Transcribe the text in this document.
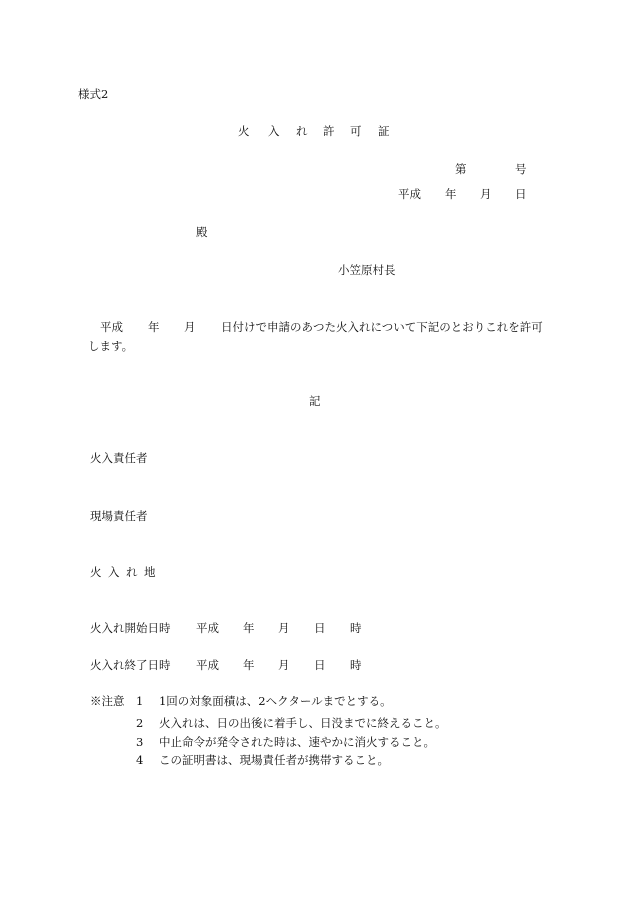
様式2
火 入 れ 許 可 証
第	号
平成 年 月 日
殿
小笠原村長
平成 年 月 日付けで申請のあつた火入れについて下記のとおりこれを許可
します。
記
火入責任者
現場責任者
火 入 れ 地
火入れ開始日時 平成 年 月 日 時
火入れ終了日時 平成 年 月 日 時
※注意 1 1回の対象面積は、2ヘクタールまでとする。
2 火入れは、日の出後に着手し、日没までに終えること。
3 中止命令が発令された時は、速やかに消火すること。
4 この証明書は、現場責任者が携帯すること。
